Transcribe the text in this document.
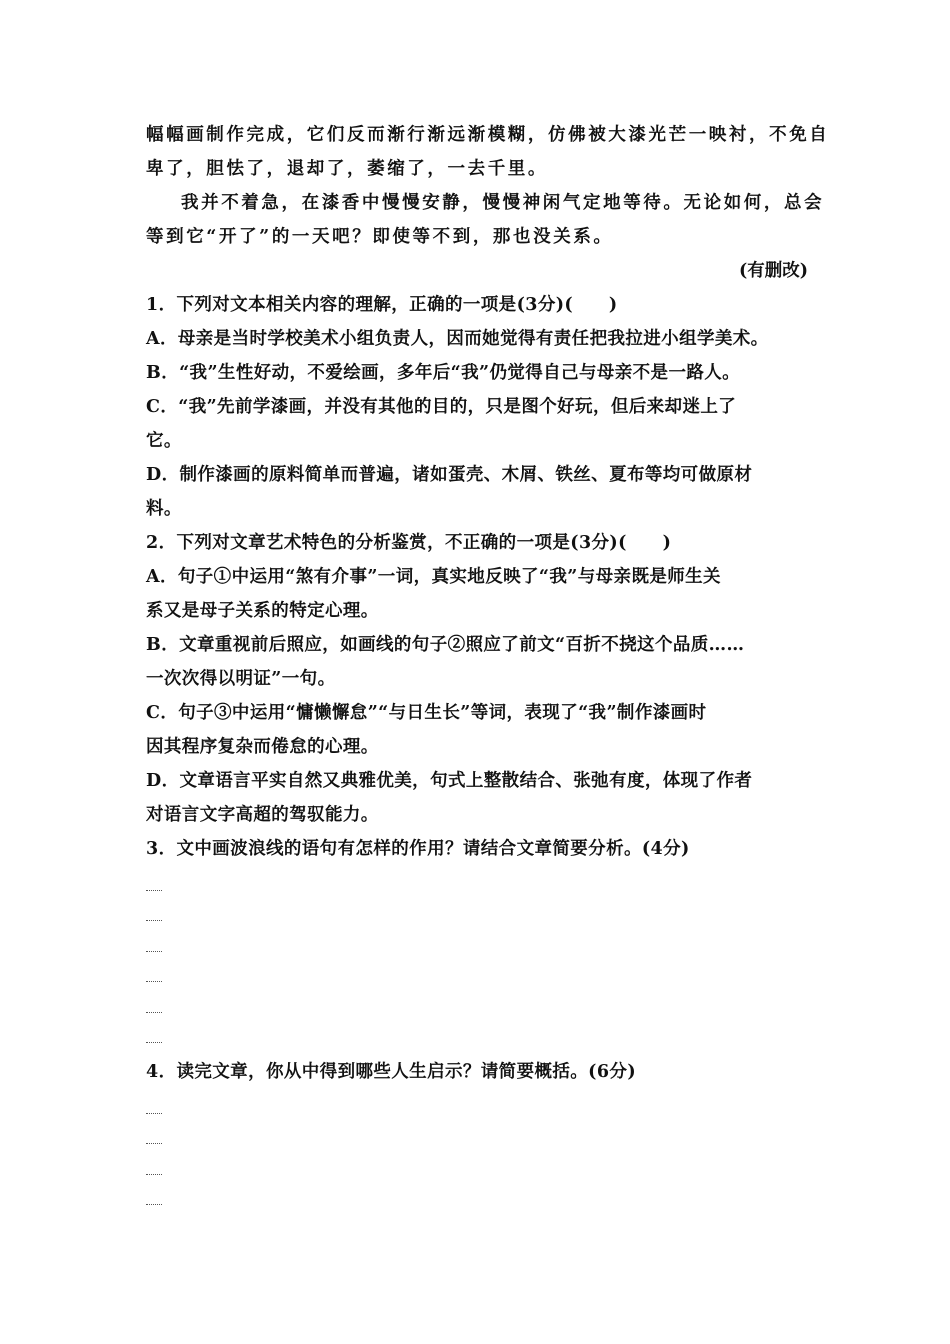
幅幅画制作完成，它们反而渐行渐远渐模糊，仿佛被大漆光芒一映衬，不免自
卑了，胆怯了，退却了，萎缩了，一去千里。
我并不着急，在漆香中慢慢安静，慢慢神闲气定地等待。无论如何，总会
等到它“开了”的一天吧？即使等不到，那也没关系。
(有删改)
1．下列对文本相关内容的理解，正确的一项是(3分)(　　)
A．母亲是当时学校美术小组负责人，因而她觉得有责任把我拉进小组学美术。
B．“我”生性好动，不爱绘画，多年后“我”仍觉得自己与母亲不是一路人。
C．“我”先前学漆画，并没有其他的目的，只是图个好玩，但后来却迷上了
它。
D．制作漆画的原料简单而普遍，诸如蛋壳、木屑、铁丝、夏布等均可做原材
料。
2．下列对文章艺术特色的分析鉴赏，不正确的一项是(3分)(　　)
A．句子①中运用“煞有介事”一词，真实地反映了“我”与母亲既是师生关
系又是母子关系的特定心理。
B．文章重视前后照应，如画线的句子②照应了前文“百折不挠这个品质……
一次次得以明证”一句。
C．句子③中运用“慵懒懈怠”“与日生长”等词，表现了“我”制作漆画时
因其程序复杂而倦怠的心理。
D．文章语言平实自然又典雅优美，句式上整散结合、张弛有度，体现了作者
对语言文字高超的驾驭能力。
3．文中画波浪线的语句有怎样的作用？请结合文章简要分析。(4分)
4．读完文章，你从中得到哪些人生启示？请简要概括。(6分)
